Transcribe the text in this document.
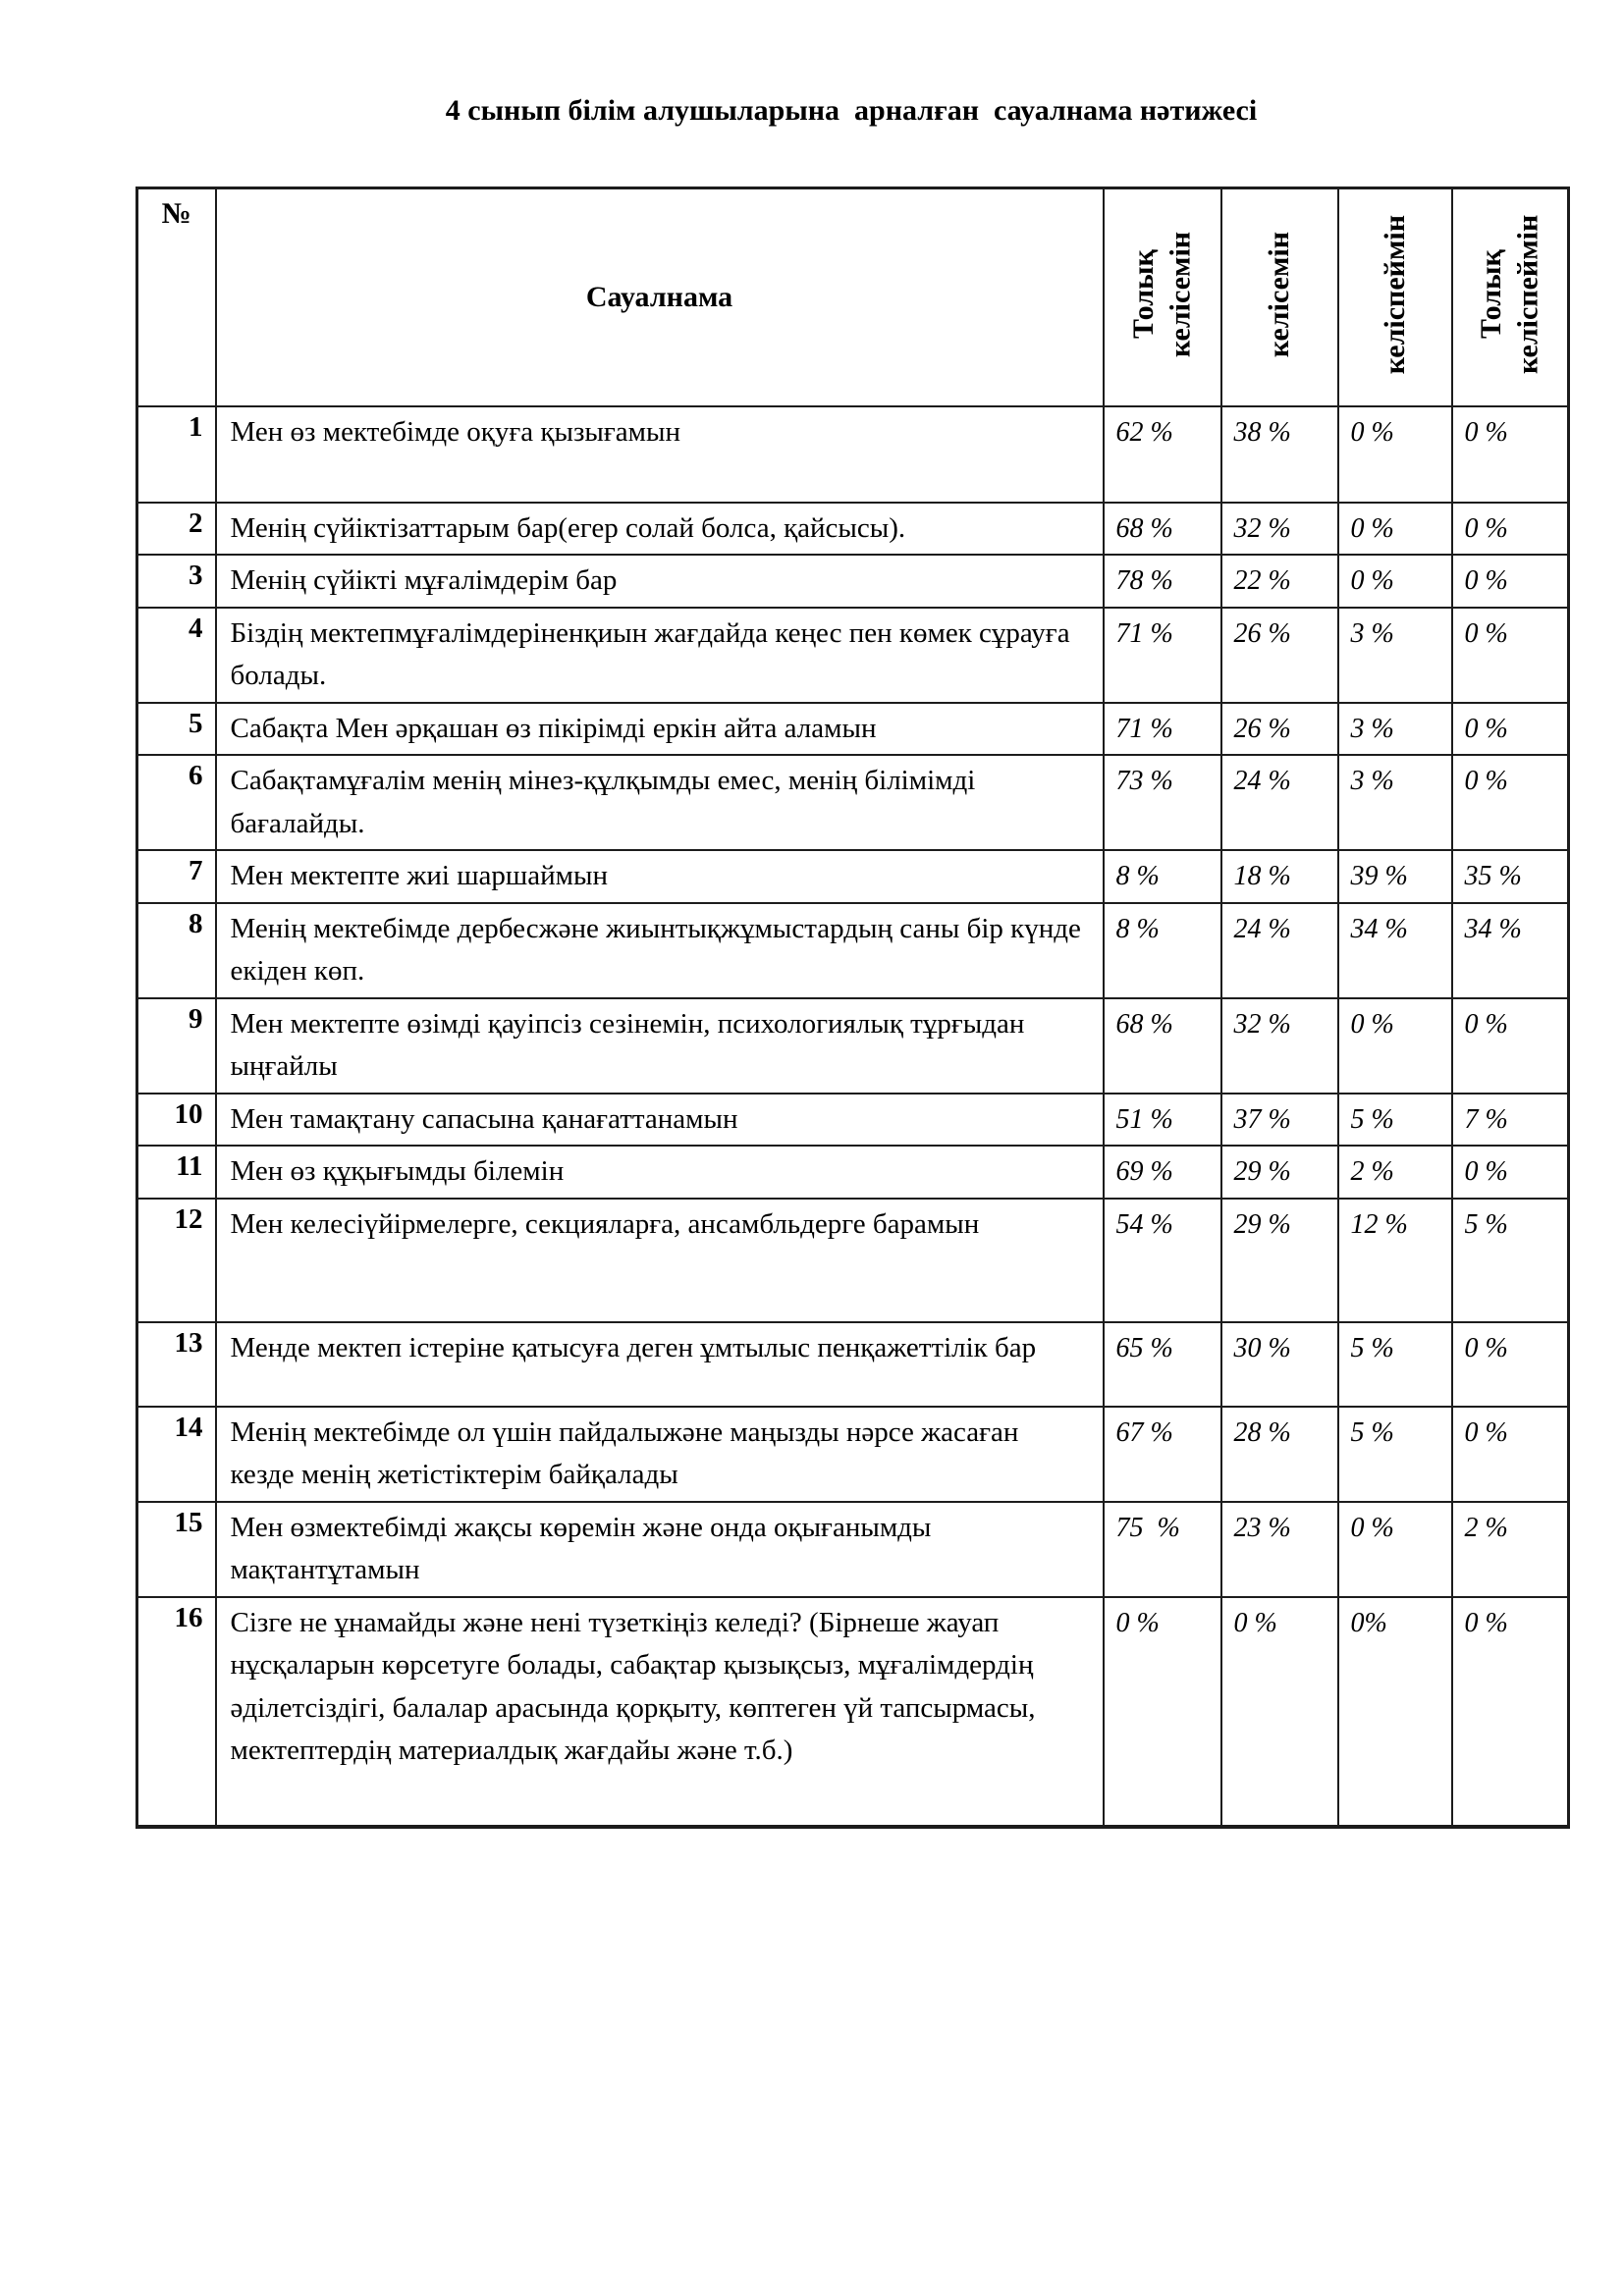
4 сынып білім алушыларына  арналған  сауалнама нәтижесі
№	Сауалнама	Толық келісемін	келісемін	келіспеймін	Толық келіспеймін
1	Мен өз мектебімде оқуға қызығамын	62 %	38 %	0 %	0 %
2	Менің сүйіктізаттарым бар(егер солай болса, қайсысы).	68 %	32 %	0 %	0 %
3	Менің сүйікті мұғалімдерім бар	78 %	22 %	0 %	0 %
4	Біздің мектепмұғалімдеріненқиын жағдайда кеңес пен көмек сұрауға болады.	71 %	26 %	3 %	0 %
5	Сабақта Мен әрқашан өз пікірімді еркін айта аламын	71 %	26 %	3 %	0 %
6	Сабақтамұғалім менің мінез-құлқымды емес, менің білімімді бағалайды.	73 %	24 %	3 %	0 %
7	Мен мектепте жиі шаршаймын	8 %	18 %	39 %	35 %
8	Менің мектебімде дербесжәне жиынтықжұмыстардың саны бір күнде екіден көп.	8 %	24 %	34 %	34 %
9	Мен мектепте өзімді қауіпсіз сезінемін, психологиялық тұрғыдан ыңғайлы	68 %	32 %	0 %	0 %
10	Мен тамақтану сапасына қанағаттанамын	51 %	37 %	5 %	7 %
11	Мен өз құқығымды білемін	69 %	29 %	2 %	0 %
12	Мен келесіүйірмелерге, секцияларға, ансамбльдерге барамын	54 %	29 %	12 %	5 %
13	Менде мектеп істеріне қатысуға деген ұмтылыс пенқажеттілік бар	65 %	30 %	5 %	0 %
14	Менің мектебімде ол үшін пайдалыжәне маңызды нәрсе жасаған кезде менің жетістіктерім байқалады	67 %	28 %	5 %	0 %
15	Мен өзмектебімді жақсы көремін және онда оқығанымды мақтантұтамын	75  %	23 %	0 %	2 %
16	Сізге не ұнамайды және нені түзеткіңіз келеді? (Бірнеше жауап нұсқаларын көрсетуге болады, сабақтар қызықсыз, мұғалімдердің әділетсіздігі, балалар арасында қорқыту, көптеген үй тапсырмасы, мектептердің материалдық жағдайы және т.б.)	0 %	0 %	0%	0 %
